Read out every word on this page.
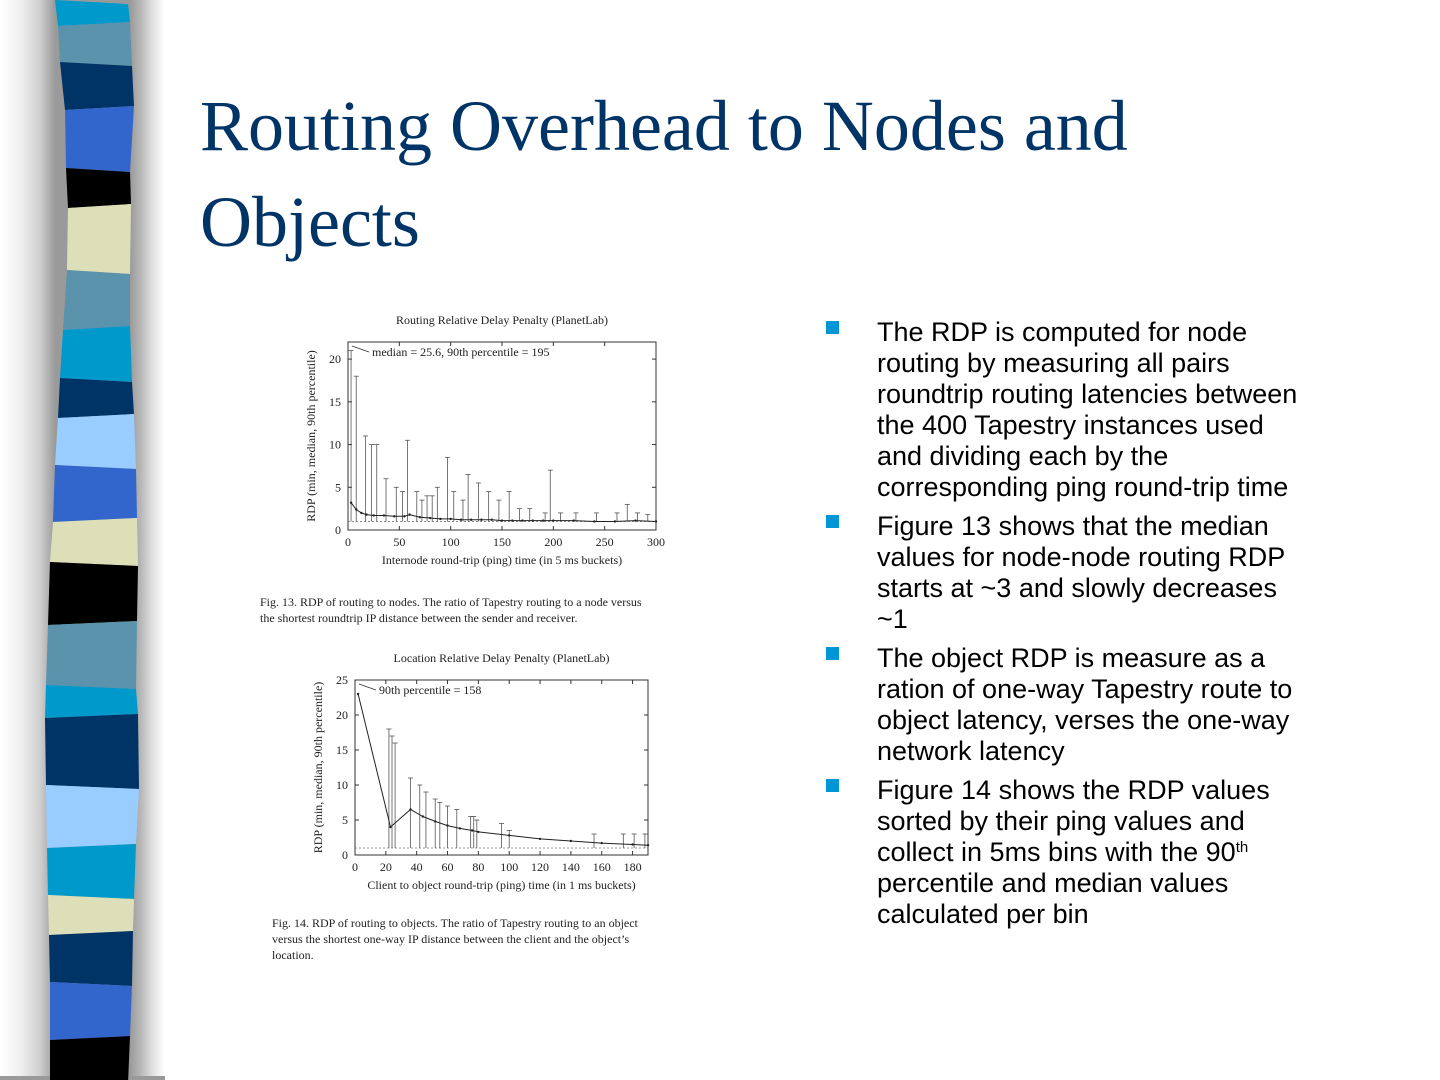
Routing Overhead to Nodes and
Objects
Routing Relative Delay Penalty (PlanetLab)
0	50	100	150	200	250	300
0
5
10
15
20
Internode round-trip (ping) time (in 5 ms buckets)
RDP (min, median, 90th percentile)	median = 25.6, 90th percentile = 195

Fig. 13. RDP of routing to nodes. The ratio of Tapestry routing to a node versus
the shortest roundtrip IP distance between the sender and receiver.

Location Relative Delay Penalty (PlanetLab)
0 20 40 60 80 100 120 140 160 180
0
5
10
15
20
25
Client to object round-trip (ping) time (in 1 ms buckets)
RDP (min, median, 90th percentile)	90th percentile = 158

Fig. 14. RDP of routing to objects. The ratio of Tapestry routing to an object
versus the shortest one-way IP distance between the client and the object’s
location.

The RDP is computed for node
routing by measuring all pairs
roundtrip routing latencies between
the 400 Tapestry instances used
and dividing each by the
corresponding ping round-trip time
Figure 13 shows that the median
values for node-node routing RDP
starts at ~3 and slowly decreases
~1
The object RDP is measure as a
ration of one-way Tapestry route to
object latency, verses the one-way
network latency
Figure 14 shows the RDP values
sorted by their ping values and
collect in 5ms bins with the 90th
percentile and median values
calculated per bin
